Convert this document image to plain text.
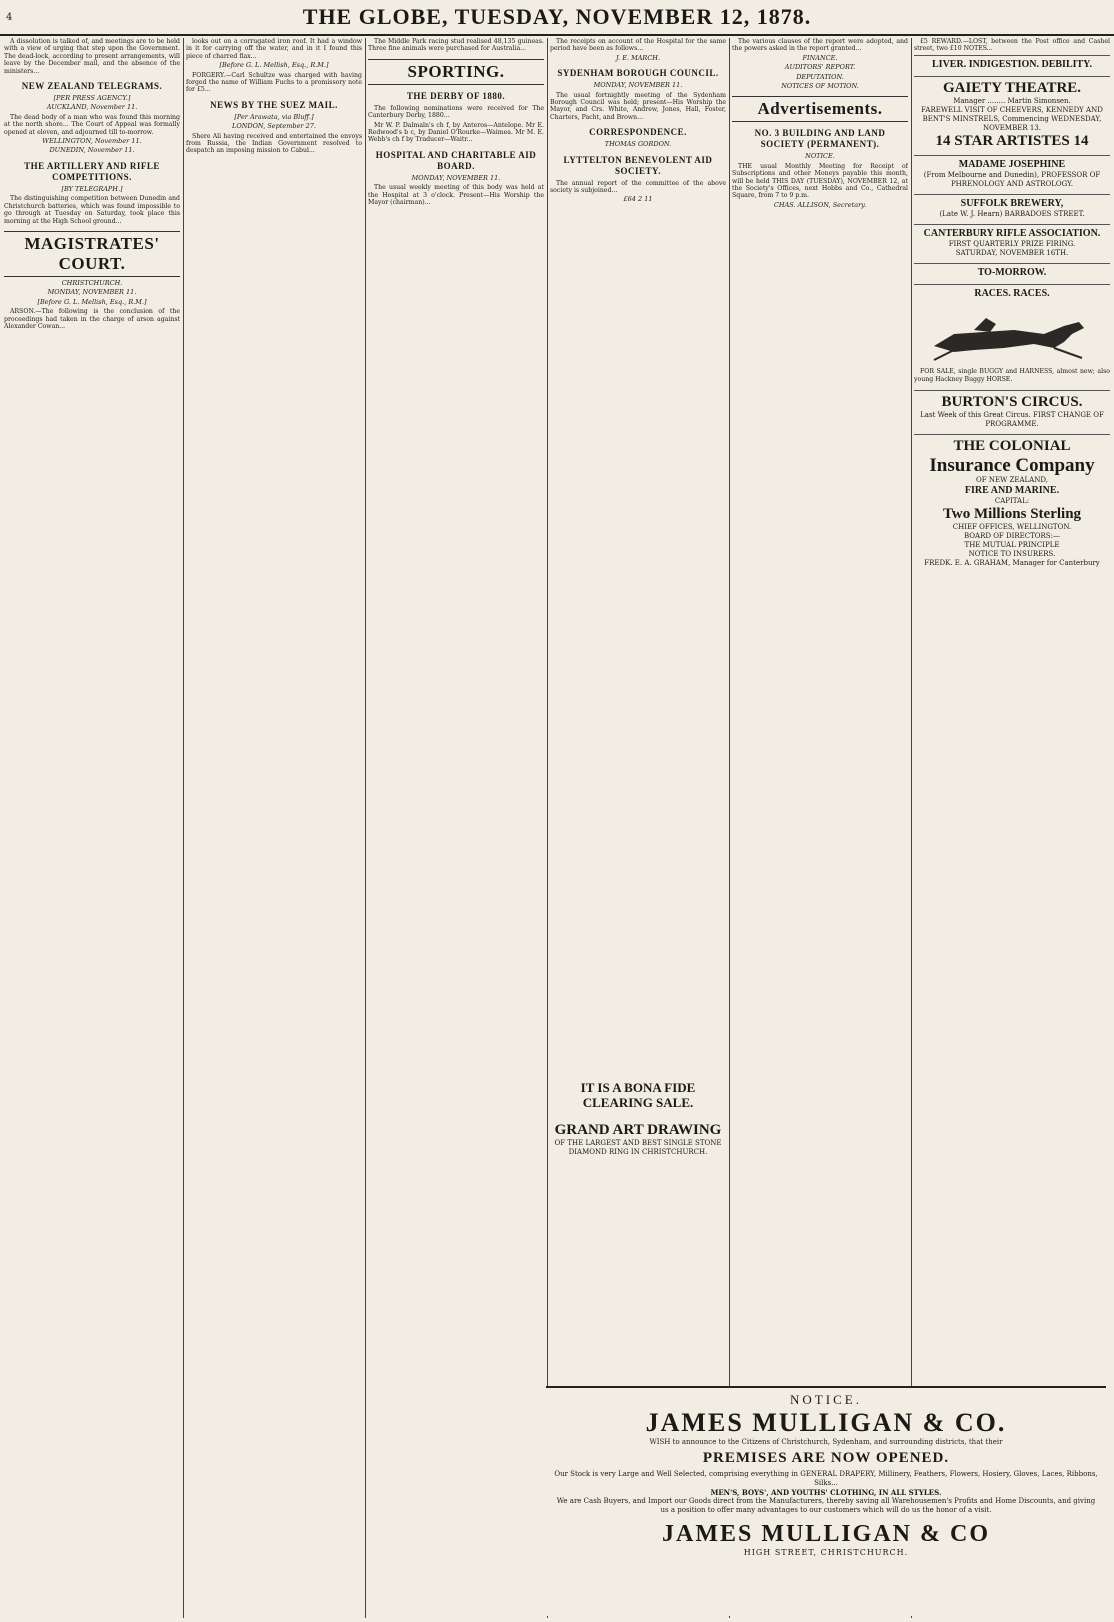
4	THE GLOBE, TUESDAY, NOVEMBER 12, 1878.

A dissolution is talked of, and meetings are to be held with a view of urging that step upon the Government. The dead-lock, according to present arrangements, will leave by the December mail, and the absence of the ministers...

NEW ZEALAND TELEGRAMS.
[PER PRESS AGENCY.]
AUCKLAND, November 11.

The dead body of a man who was found this morning at the north shore... The Court of Appeal was formally opened at eleven, and adjourned till to-morrow.

WELLINGTON, November 11.
DUNEDIN, November 11.
THE ARTILLERY AND RIFLE COMPETITIONS.
[BY TELEGRAPH.]

The distinguishing competition between Dunedin and Christchurch batteries, which was found impossible to go through at Tuesday on Saturday, took place this morning at the High School ground...

MAGISTRATES' COURT.
CHRISTCHURCH.
MONDAY, NOVEMBER 11.
[Before G. L. Mellish, Esq., R.M.]

ARSON.—The following is the conclusion of the proceedings had taken in the charge of arson against Alexander Cowan...

looks out on a corrugated iron roof. It had a window in it for carrying off the water, and in it I found this piece of charred flax...

[Before G. L. Mellish, Esq., R.M.]

FORGERY.—Carl Schultze was charged with having forged the name of William Fuchs to a promissory note for £5...

NEWS BY THE SUEZ MAIL.
[Per Arawata, via Bluff.]
LONDON, September 27.

Shere Ali having received and entertained the envoys from Russia, the Indian Government resolved to despatch an imposing mission to Cabul...

The Middle Park racing stud realised 48,135 guineas. Three fine animals were purchased for Australia...

SPORTING.
THE DERBY OF 1880.

The following nominations were received for The Canterbury Derby, 1880...

Mr W. P. Dalmaln's ch f, by Anteros—Antelope. Mr E. Redwood's b c, by Daniel O'Rourke—Waimea. Mr M. E. Webb's ch f by Traducer—Waitr...

HOSPITAL AND CHARITABLE AID BOARD.
MONDAY, NOVEMBER 11.

The usual weekly meeting of this body was held at the Hospital at 3 o'clock. Present—His Worship the Mayor (chairman)...

The receipts on account of the Hospital for the same period have been as follows...

J. E. MARCH.
SYDENHAM BOROUGH COUNCIL.
MONDAY, NOVEMBER 11.

The usual fortnightly meeting of the Sydenham Borough Council was held; present—His Worship the Mayor, and Crs. White, Andrew, Jones, Hall, Foster, Charters, Pacht, and Brown...

CORRESPONDENCE.
THOMAS GORDON.
LYTTELTON BENEVOLENT AID SOCIETY.

The annual report of the committee of the above society is subjoined...

£64 2 11

The various clauses of the report were adopted, and the powers asked in the report granted...

FINANCE.
AUDITORS' REPORT.
DEPUTATION.
NOTICES OF MOTION.
Advertisements.
NO. 3 BUILDING AND LAND SOCIETY (PERMANENT).
NOTICE.

THE usual Monthly Meeting for Receipt of Subscriptions and other Moneys payable this month, will be held THIS DAY (TUESDAY), NOVEMBER 12, at the Society's Offices, next Hobbs and Co., Cathedral Square, from 7 to 9 p.m.

CHAS. ALLISON, Secretary.

£5 REWARD.—LOST, between the Post office and Cashel street, two £10 NOTES...

LIVER. INDIGESTION. DEBILITY.
GAIETY THEATRE.
Manager ........ Martin Simonsen.
FAREWELL VISIT OF CHEEVERS, KENNEDY AND BENT'S MINSTRELS, Commencing WEDNESDAY, NOVEMBER 13.
14 STAR ARTISTES 14
MADAME JOSEPHINE
(From Melbourne and Dunedin), PROFESSOR OF PHRENOLOGY AND ASTROLOGY.
SUFFOLK BREWERY,
(Late W. J. Hearn) BARBADOES STREET.
CANTERBURY RIFLE ASSOCIATION.
FIRST QUARTERLY PRIZE FIRING.
SATURDAY, NOVEMBER 16TH.
TO-MORROW.
RACES. RACES.

FOR SALE, single BUGGY and HARNESS, almost new; also young Hackney Buggy HORSE.

BURTON'S CIRCUS.
Last Week of this Great Circus. FIRST CHANGE OF PROGRAMME.
THE COLONIAL
Insurance Company
OF NEW ZEALAND,
FIRE AND MARINE.
CAPITAL:
Two Millions Sterling
CHIEF OFFICES, WELLINGTON.
BOARD OF DIRECTORS:—
THE MUTUAL PRINCIPLE
NOTICE TO INSURERS.
FREDK. E. A. GRAHAM, Manager for Canterbury
IT IS A BONA FIDE CLEARING SALE.
GRAND ART DRAWING
OF THE LARGEST AND BEST SINGLE STONE DIAMOND RING IN CHRISTCHURCH.
NOTICE.
JAMES MULLIGAN & CO.
WISH to announce to the Citizens of Christchurch, Sydenham, and surrounding districts, that their
PREMISES ARE NOW OPENED.
Our Stock is very Large and Well Selected, comprising everything in GENERAL DRAPERY, Millinery, Feathers, Flowers, Hosiery, Gloves, Laces, Ribbons, Silks...
MEN'S, BOYS', AND YOUTHS' CLOTHING, IN ALL STYLES.
We are Cash Buyers, and Import our Goods direct from the Manufacturers, thereby saving all Warehousemen's Profits and Home Discounts, and giving us a position to offer many advantages to our customers which will do us the honor of a visit.
JAMES MULLIGAN & CO
HIGH STREET, CHRISTCHURCH.
